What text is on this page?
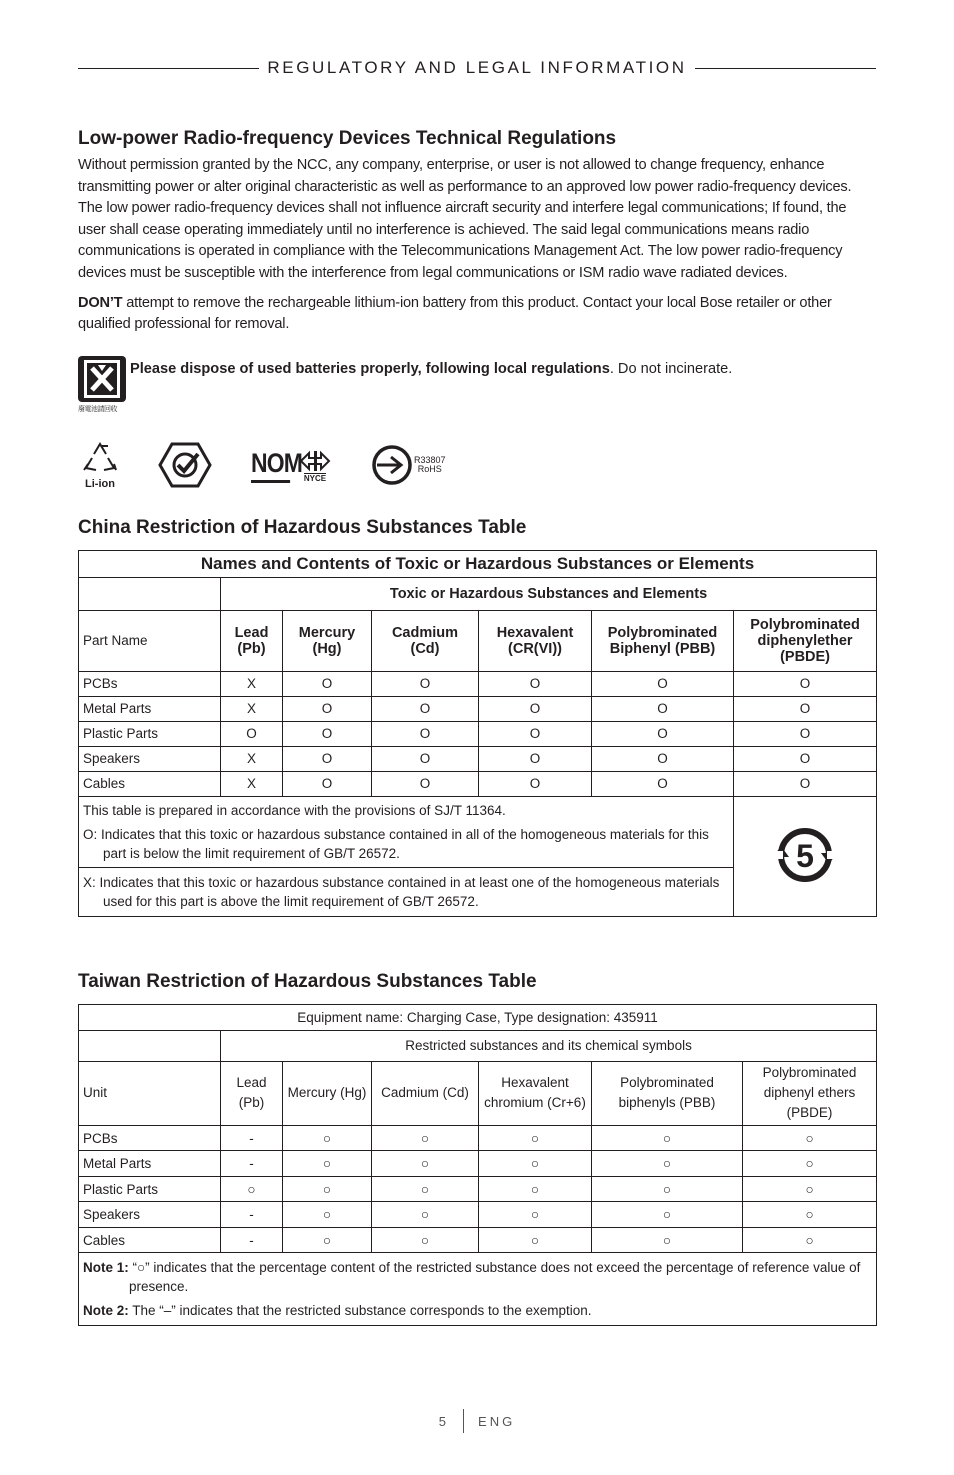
REGULATORY AND LEGAL INFORMATION
Low-power Radio-frequency Devices Technical Regulations

Without permission granted by the NCC, any company, enterprise, or user is not allowed to change frequency, enhance transmitting power or alter original characteristic as well as performance to an approved low power radio-frequency devices. The low power radio-frequency devices shall not influence aircraft security and interfere legal communications; If found, the user shall cease operating immediately until no interference is achieved. The said legal communications means radio communications is operated in compliance with the Telecommunications Management Act. The low power radio-frequency devices must be susceptible with the interference from legal communications or ISM radio wave radiated devices.

DON’T attempt to remove the rechargeable lithium-ion battery from this product. Contact your local Bose retailer or other qualified professional for removal.

廢電池請回收
Please dispose of used batteries properly, following local regulations. Do not incinerate.
Li-ion
NOM
NYCE
R33807
RoHS
China Restriction of Hazardous Substances Table
Names and Contents of Toxic or Hazardous Substances or Elements						
	Toxic or Hazardous Substances and Elements					
Part Name	Lead (Pb)	Mercury (Hg)	Cadmium (Cd)	Hexavalent (CR(VI))	Polybrominated Biphenyl (PBB)	Polybrominated diphenylether (PBDE)
PCBs	X	O	O	O	O	O
Metal Parts	X	O	O	O	O	O
Plastic Parts	O	O	O	O	O	O
Speakers	X	O	O	O	O	O
Cables	X	O	O	O	O	O

This table is prepared in accordance with the provisions of SJ/T 11364.
O: Indicates that this toxic or hazardous substance contained in all of the homogeneous materials for this part is below the limit requirement of GB/T 26572.						5

X: Indicates that this toxic or hazardous substance contained in at least one of the homogeneous materials used for this part is above the limit requirement of GB/T 26572.						
Taiwan Restriction of Hazardous Substances Table
Equipment name: Charging Case, Type designation: 435911						
	Restricted substances and its chemical symbols					
Unit	Lead (Pb)	Mercury (Hg)	Cadmium (Cd)	Hexavalent chromium (Cr+6)	Polybrominated biphenyls (PBB)	Polybrominated diphenyl ethers (PBDE)
PCBs	-	○	○	○	○	○
Metal Parts	-	○	○	○	○	○
Plastic Parts	○	○	○	○	○	○
Speakers	-	○	○	○	○	○
Cables	-	○	○	○	○	○

Note 1: “○” indicates that the percentage content of the restricted substance does not exceed the percentage of reference value of presence.
Note 2: The “–” indicates that the restricted substance corresponds to the exemption.						
5 ENG
